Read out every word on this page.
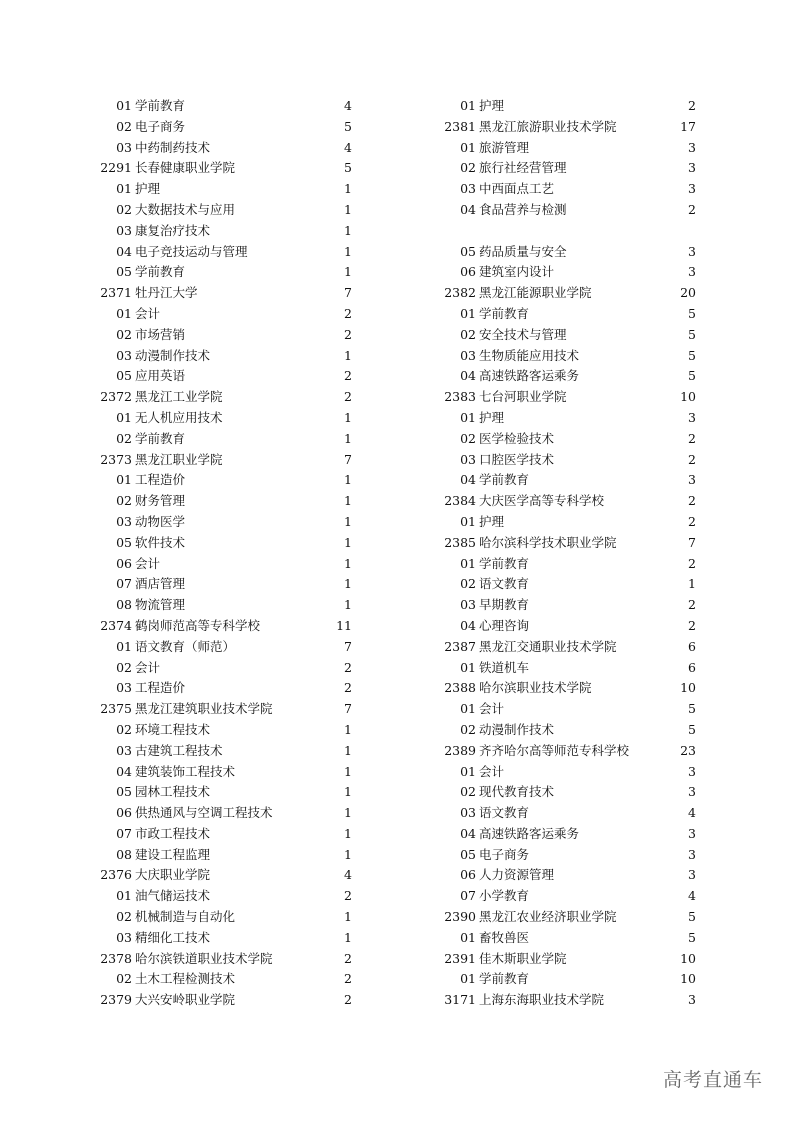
01 学前教育	4
02 电子商务	5
03 中药制药技术	4
2291 长春健康职业学院	5
01 护理	1
02 大数据技术与应用	1
03 康复治疗技术	1
04 电子竞技运动与管理	1
05 学前教育	1
2371 牡丹江大学	7
01 会计	2
02 市场营销	2
03 动漫制作技术	1
05 应用英语	2
2372 黑龙江工业学院	2
01 无人机应用技术	1
02 学前教育	1
2373 黑龙江职业学院	7
01 工程造价	1
02 财务管理	1
03 动物医学	1
05 软件技术	1
06 会计	1
07 酒店管理	1
08 物流管理	1
2374 鹤岗师范高等专科学校	11
01 语文教育（师范）	7
02 会计	2
03 工程造价	2
2375 黑龙江建筑职业技术学院	7
02 环境工程技术	1
03 古建筑工程技术	1
04 建筑装饰工程技术	1
05 园林工程技术	1
06 供热通风与空调工程技术	1
07 市政工程技术	1
08 建设工程监理	1
2376 大庆职业学院	4
01 油气储运技术	2
02 机械制造与自动化	1
03 精细化工技术	1
2378 哈尔滨铁道职业技术学院	2
02 土木工程检测技术	2
2379 大兴安岭职业学院	2
01 护理	2
2381 黑龙江旅游职业技术学院	17
01 旅游管理	3
02 旅行社经营管理	3
03 中西面点工艺	3
04 食品营养与检测	2
05 药品质量与安全	3
06 建筑室内设计	3
2382 黑龙江能源职业学院	20
01 学前教育	5
02 安全技术与管理	5
03 生物质能应用技术	5
04 高速铁路客运乘务	5
2383 七台河职业学院	10
01 护理	3
02 医学检验技术	2
03 口腔医学技术	2
04 学前教育	3
2384 大庆医学高等专科学校	2
01 护理	2
2385 哈尔滨科学技术职业学院	7
01 学前教育	2
02 语文教育	1
03 早期教育	2
04 心理咨询	2
2387 黑龙江交通职业技术学院	6
01 铁道机车	6
2388 哈尔滨职业技术学院	10
01 会计	5
02 动漫制作技术	5
2389 齐齐哈尔高等师范专科学校	23
01 会计	3
02 现代教育技术	3
03 语文教育	4
04 高速铁路客运乘务	3
05 电子商务	3
06 人力资源管理	3
07 小学教育	4
2390 黑龙江农业经济职业学院	5
01 畜牧兽医	5
2391 佳木斯职业学院	10
01 学前教育	10
3171 上海东海职业技术学院	3
高考直通车
